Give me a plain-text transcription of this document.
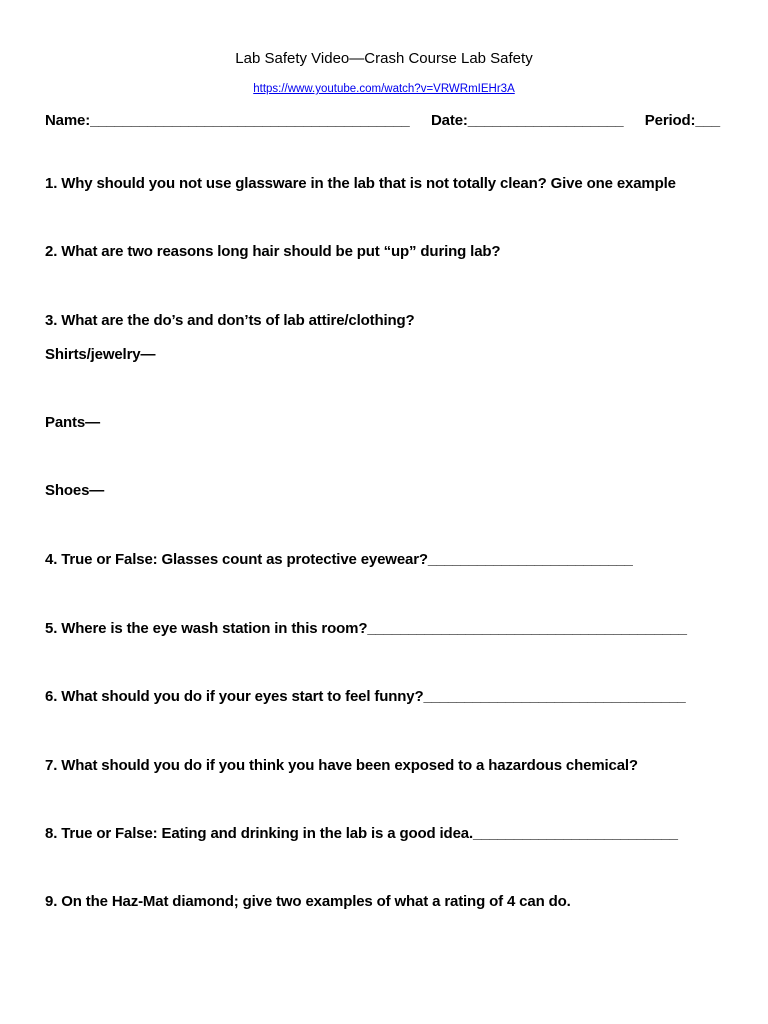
Lab Safety Video—Crash Course Lab Safety
https://www.youtube.com/watch?v=VRWRmIEHr3A
Name:_______________________________________ Date:___________________ Period:___
1. Why should you not use glassware in the lab that is not totally clean? Give one example
2. What are two reasons long hair should be put “up” during lab?
3. What are the do’s and don’ts of lab attire/clothing?
Shirts/jewelry—
Pants—
Shoes—
4. True or False: Glasses count as protective eyewear?_________________________
5. Where is the eye wash station in this room?_______________________________________
6. What should you do if your eyes start to feel funny?________________________________
7. What should you do if you think you have been exposed to a hazardous chemical?
8. True or False: Eating and drinking in the lab is a good idea._________________________
9. On the Haz-Mat diamond; give two examples of what a rating of 4 can do.
